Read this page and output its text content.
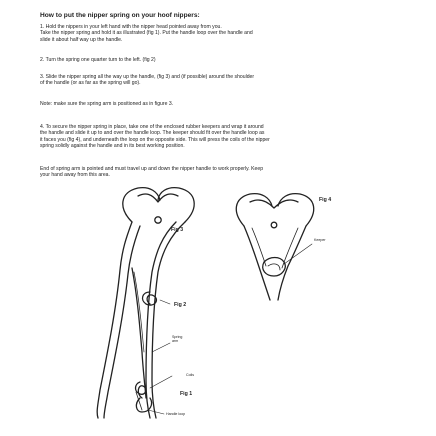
How to put the nipper spring on your hoof nippers:
1. Hold the nippers in your left hand with the nipper head pointed away from you.
Take the nipper spring and hold it as illustrated (fig 1). Put the handle loop over the handle and
slide it about half way up the handle.
2. Turn the spring one quarter turn to the left. (fig 2)
3. Slide the nipper spring all the way up the handle, (fig 3) and (if possible) around the shoulder
of the handle (or as far as the spring will go).
Note: make sure the spring arm is positioned as in figure 3.
4. To secure the nipper spring in place, take one of the enclosed rubber keepers and wrap it around
the handle and slide it up to and over the handle loop. The keeper should fit over the handle loop as
it faces you (fig 4), and underneath the loop on the opposite side. This will press the coils of the nipper
spring solidly against the handle and in its best working position.
End of spring arm is pointed and must travel up and down the nipper handle to work properly. Keep
your hand away from this area.
Fig 3
Fig 2
Fig 4
Fig 1
Spring
arm
Coils
Handle loop
Keeper
